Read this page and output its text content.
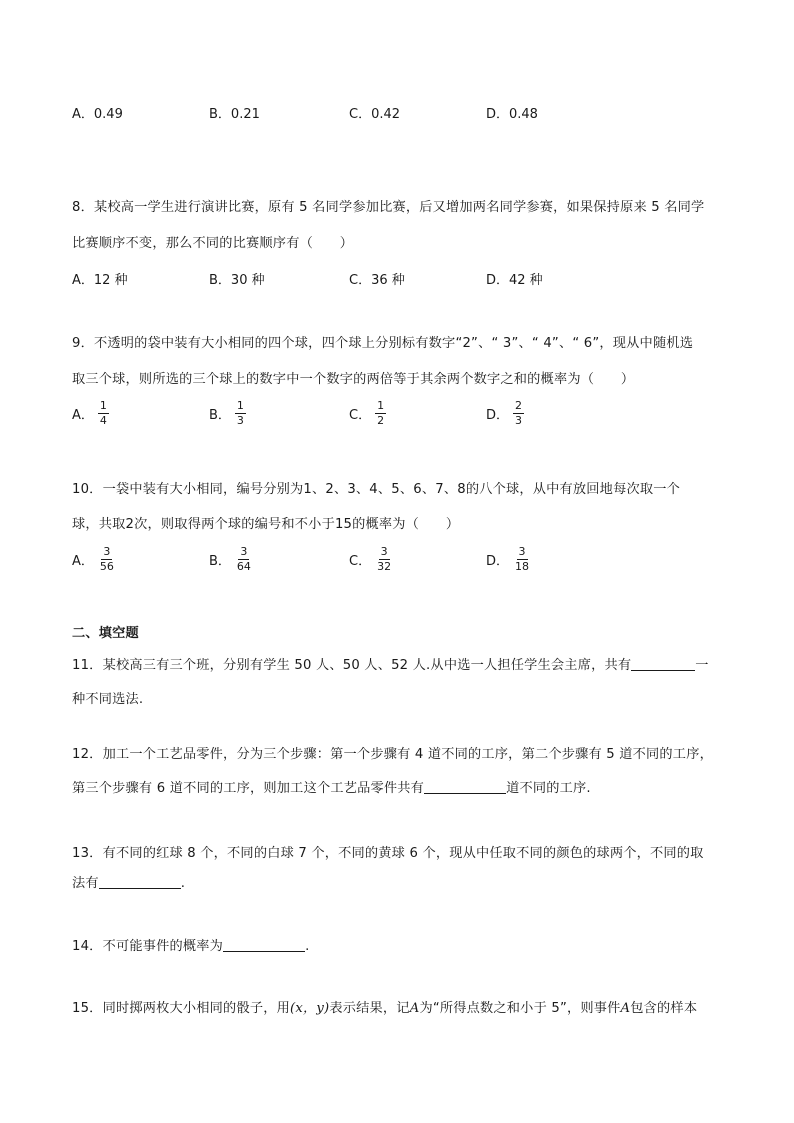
A．0.49	B．0.21	C．0.42	D．0.48
8．某校高一学生进行演讲比赛，原有 5 名同学参加比赛，后又增加两名同学参赛，如果保持原来 5 名同学
比赛顺序不变，那么不同的比赛顺序有（　　）
A．12 种	B．30 种	C．36 种	D．42 种
9．不透明的袋中装有大小相同的四个球，四个球上分别标有数字“2”、“ 3”、“ 4”、“ 6”，现从中随机选
取三个球，则所选的三个球上的数字中一个数字的两倍等于其余两个数字之和的概率为（　　）
A． $\frac{1}{4}$	B． $\frac{1}{3}$	C． $\frac{1}{2}$	D． $\frac{2}{3}$
10．一袋中装有大小相同，编号分别为1、2、3、4、5、6、7、8的八个球，从中有放回地每次取一个
球，共取2次，则取得两个球的编号和不小于15的概率为（　　）
A． $\frac{3}{56}$	B． $\frac{3}{64}$	C． $\frac{3}{32}$	D． $\frac{3}{18}$
二、填空题
11．某校高三有三个班，分别有学生 50 人、50 人、52 人.从中选一人担任学生会主席，共有	一
种不同选法.
12．加工一个工艺品零件，分为三个步骤：第一个步骤有 4 道不同的工序，第二个步骤有 5 道不同的工序，
第三个步骤有 6 道不同的工序，则加工这个工艺品零件共有	道不同的工序.
13．有不同的红球 8 个，不同的白球 7 个，不同的黄球 6 个，现从中任取不同的颜色的球两个，不同的取
法有	.
14．不可能事件的概率为	.
15．同时掷两枚大小相同的骰子，用(x，y)表示结果，记A为“所得点数之和小于 5”，则事件A包含的样本
